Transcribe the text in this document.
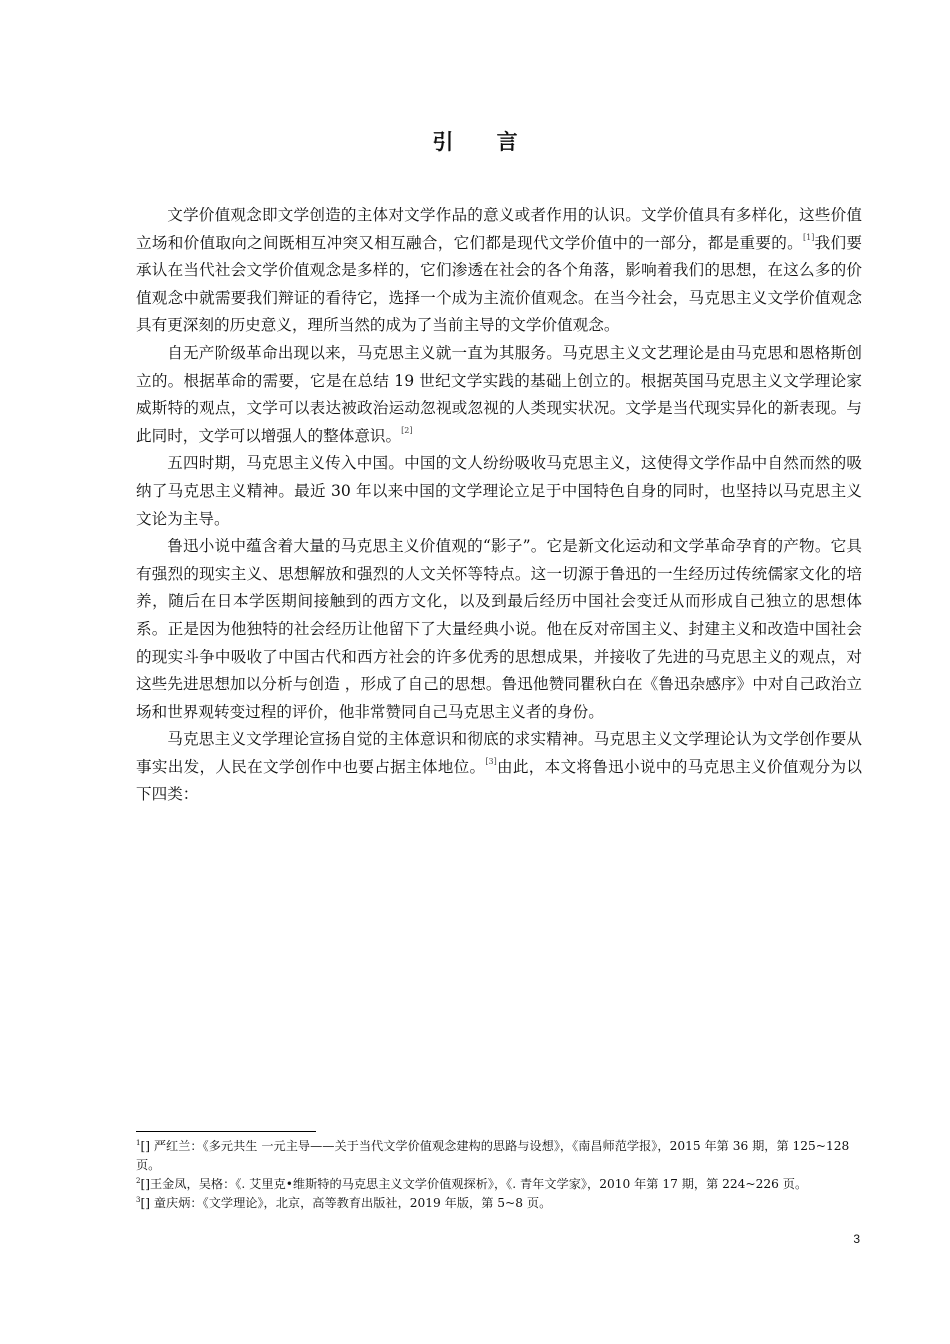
引 言

文学价值观念即文学创造的主体对文学作品的意义或者作用的认识。文学价值具有多样化，这些价值立场和价值取向之间既相互冲突又相互融合，它们都是现代文学价值中的一部分，都是重要的。[1]我们要承认在当代社会文学价值观念是多样的，它们渗透在社会的各个角落，影响着我们的思想，在这么多的价值观念中就需要我们辩证的看待它，选择一个成为主流价值观念。在当今社会，马克思主义文学价值观念具有更深刻的历史意义，理所当然的成为了当前主导的文学价值观念。

自无产阶级革命出现以来，马克思主义就一直为其服务。马克思主义文艺理论是由马克思和恩格斯创立的。根据革命的需要，它是在总结 19 世纪文学实践的基础上创立的。根据英国马克思主义文学理论家威斯特的观点，文学可以表达被政治运动忽视或忽视的人类现实状况。文学是当代现实异化的新表现。与此同时，文学可以增强人的整体意识。[2]

五四时期，马克思主义传入中国。中国的文人纷纷吸收马克思主义，这使得文学作品中自然而然的吸纳了马克思主义精神。最近 30 年以来中国的文学理论立足于中国特色自身的同时，也坚持以马克思主义文论为主导。

鲁迅小说中蕴含着大量的马克思主义价值观的“影子”。它是新文化运动和文学革命孕育的产物。它具有强烈的现实主义、思想解放和强烈的人文关怀等特点。这一切源于鲁迅的一生经历过传统儒家文化的培养，随后在日本学医期间接触到的西方文化，以及到最后经历中国社会变迁从而形成自己独立的思想体系。正是因为他独特的社会经历让他留下了大量经典小说。他在反对帝国主义、封建主义和改造中国社会的现实斗争中吸收了中国古代和西方社会的许多优秀的思想成果，并接收了先进的马克思主义的观点，对这些先进思想加以分析与创造 ，形成了自己的思想。鲁迅他赞同瞿秋白在《鲁迅杂感序》中对自己政治立场和世界观转变过程的评价，他非常赞同自己马克思主义者的身份。

马克思主义文学理论宣扬自觉的主体意识和彻底的求实精神。马克思主义文学理论认为文学创作要从事实出发，人民在文学创作中也要占据主体地位。[3]由此，本文将鲁迅小说中的马克思主义价值观分为以下四类：

$^1$[] 严红兰：《多元共生 一元主导——关于当代文学价值观念建构的思路与设想》，《南昌师范学报》，2015 年第 36 期，第 125~128 页。

$^2$[]王金凤，吴格：《. 艾里克•维斯特的马克思主义文学价值观探析》，《. 青年文学家》，2010 年第 17 期，第 224~226 页。

$^3$[] 童庆炳：《文学理论》，北京，高等教育出版社，2019 年版，第 5~8 页。

3
